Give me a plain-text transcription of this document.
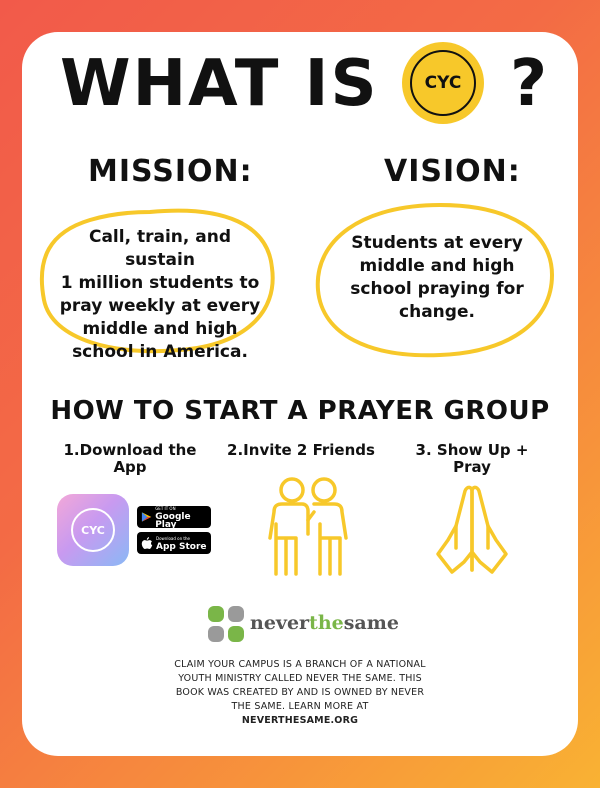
WHAT IS	CYC ?
MISSION:	VISION:
Call, train, and sustain
1 million students to
pray weekly at every
middle and high
school in America.
Students at every
middle and high
school praying for
change.
HOW TO START A PRAYER GROUP
1.Download the
App
2.Invite 2 Friends	3. Show Up +
Pray
CYC
GET IT ON
Google Play
Download on the
App Store
neverthesame
CLAIM YOUR CAMPUS IS A BRANCH OF A NATIONAL YOUTH MINISTRY CALLED NEVER THE SAME. THIS BOOK WAS CREATED BY AND IS OWNED BY NEVER THE SAME. LEARN MORE AT
NEVERTHESAME.ORG
